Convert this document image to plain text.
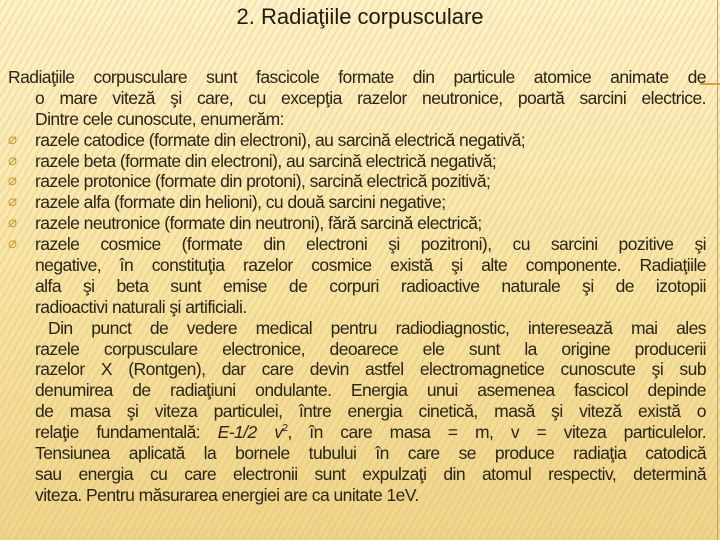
2. Radiaţiile corpusculare
Radiaţiile corpusculare sunt fascicole formate din particule atomice animate de
o mare viteză şi care, cu excepţia razelor neutronice, poartă sarcini electrice.
Dintre cele cunoscute, enumerăm:
⌀ razele catodice (formate din electroni), au sarcină electrică negativă;
⌀ razele beta (formate din electroni), au sarcină electrică negativă;
⌀ razele protonice (formate din protoni), sarcină electrică pozitivă;
⌀ razele alfa (formate din helioni), cu două sarcini negative;
⌀ razele neutronice (formate din neutroni), fără sarcină electrică;
⌀ razele cosmice (formate din electroni şi pozitroni), cu sarcini pozitive şi
negative, în constituţia razelor cosmice există şi alte componente. Radiaţiile
alfa şi beta sunt emise de corpuri radioactive naturale şi de izotopii
radioactivi naturali şi artificiali.
Din punct de vedere medical pentru radiodiagnostic, interesează mai ales
razele corpusculare electronice, deoarece ele sunt la origine producerii
razelor X (Rontgen), dar care devin astfel electromagnetice cunoscute şi sub
denumirea de radiaţiuni ondulante. Energia unui asemenea fascicol depinde
de masa şi viteza particulei, între energia cinetică, masă şi viteză există o
relaţie fundamentală: E-1/2 $v^2$, în care masa = m, v = viteza particulelor.
Tensiunea aplicată la bornele tubului în care se produce radiaţia catodică
sau energia cu care electronii sunt expulzaţi din atomul respectiv, determină
viteza. Pentru măsurarea energiei are ca unitate 1eV.
